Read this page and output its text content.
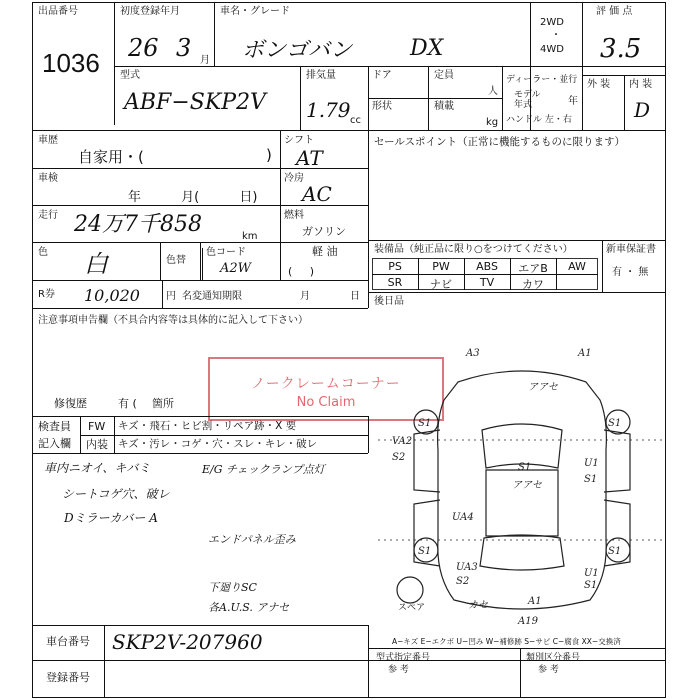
出品番号
1036
初度登録年月
26 3 月
車名・グレード
ボンゴバン	DX
2WD
・
4WD
評 価 点
3.5
外 装 内 装
D
型式
ABF−SKP2V
排気量
1.79 cc
ドア	定員
人
形状	積載
kg
ディーラー・並行
モデル
年式	年
ハンドル 左・右
車歴
自家用・(	)
車検
年 月( 日)
走行 24万7千858	km
色 白	色替
色コード
A2W
R券 10,020	円 名変通知期限	月	日
シフト
AT
冷房
AC
燃料
ガソリン
軽 油
(     )
注意事項申告欄（不具合内容等は具体的に記入して下さい）
修復歴	有 ( 箇所
ノークレームコーナー
No Claim
検査員
記入欄
FW キズ・飛石・ヒビ割・リペア跡・X 要
内装 キズ・汚レ・コゲ・穴・スレ・キレ・破レ
車内ニオイ、キバミ
シートコゲ穴、破レ
Dミラーカバー A
E/G チェックランプ点灯
エンドパネル歪み
下廻りSC
各A.U.S. アナセ
セールスポイント（正常に機能するものに限ります）
装備品（純正品に限り○をつけてください）	新車保証書
有 ・ 無
後日品
PS	PW	ABS	エアB	AW
SR	ナビ	TV	カワ
A3	A1
アアセ
S1	S1
VA2
S2
S1
アアセ
U1
S1
UA4
S1
UA3
S2
S1
U1
S1
A1
カセ
A19
スペア
A−キズ E−エクボ U−凹み W−補修跡 S−サビ C−腐食 XX−交換済
車台番号 SKP2V-207960
登録番号
型式指定番号
参 考
類別区分番号
参 考
